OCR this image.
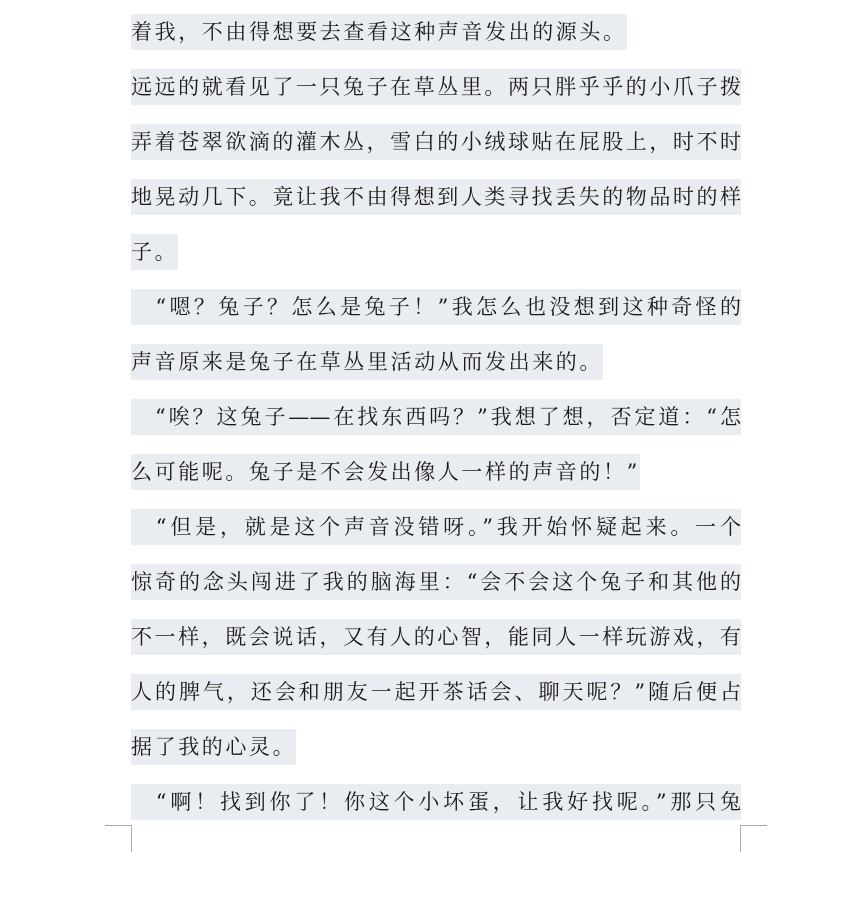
着我，不由得想要去查看这种声音发出的源头。
远远的就看见了一只兔子在草丛里。两只胖乎乎的小爪子拨
弄着苍翠欲滴的灌木丛，雪白的小绒球贴在屁股上，时不时
地晃动几下。竟让我不由得想到人类寻找丢失的物品时的样
子。
　“嗯？兔子？怎么是兔子！”我怎么也没想到这种奇怪的
声音原来是兔子在草丛里活动从而发出来的。
　“唉？这兔子——在找东西吗？”我想了想，否定道：“怎
么可能呢。兔子是不会发出像人一样的声音的！”
　“但是，就是这个声音没错呀。”我开始怀疑起来。一个
惊奇的念头闯进了我的脑海里：“会不会这个兔子和其他的
不一样，既会说话，又有人的心智，能同人一样玩游戏，有
人的脾气，还会和朋友一起开茶话会、聊天呢？”随后便占
据了我的心灵。
　“啊！找到你了！你这个小坏蛋，让我好找呢。”那只兔
